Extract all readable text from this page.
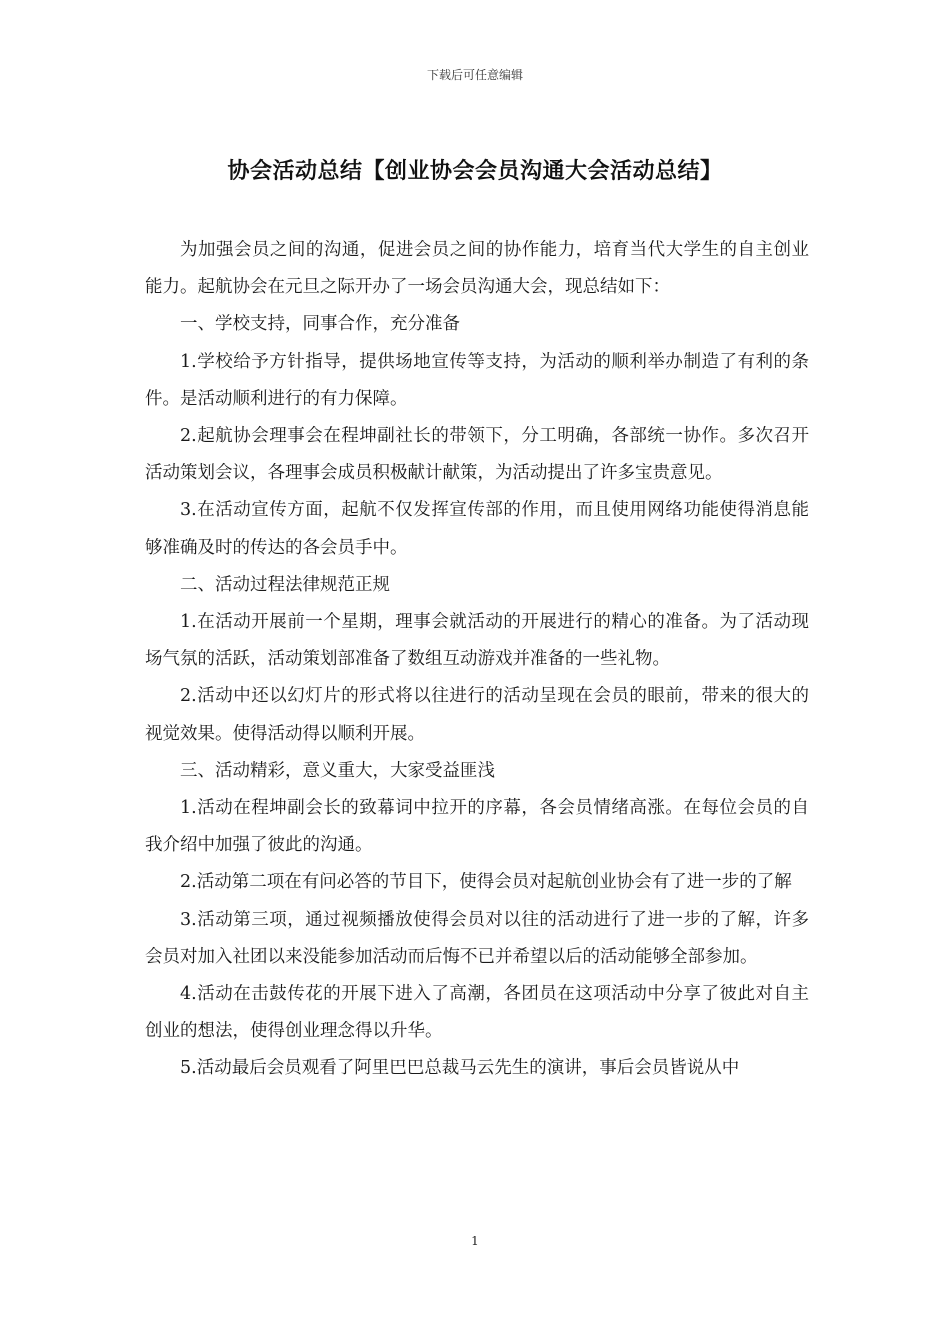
下载后可任意编辑
协会活动总结【创业协会会员沟通大会活动总结】

为加强会员之间的沟通，促进会员之间的协作能力，培育当代大学生的自主创业能力。起航协会在元旦之际开办了一场会员沟通大会，现总结如下：

一、学校支持，同事合作，充分准备

1.学校给予方针指导，提供场地宣传等支持，为活动的顺利举办制造了有利的条件。是活动顺利进行的有力保障。

2.起航协会理事会在程坤副社长的带领下，分工明确，各部统一协作。多次召开活动策划会议，各理事会成员积极献计献策，为活动提出了许多宝贵意见。

3.在活动宣传方面，起航不仅发挥宣传部的作用，而且使用网络功能使得消息能够准确及时的传达的各会员手中。

二、活动过程法律规范正规

1.在活动开展前一个星期，理事会就活动的开展进行的精心的准备。为了活动现场气氛的活跃，活动策划部准备了数组互动游戏并准备的一些礼物。

2.活动中还以幻灯片的形式将以往进行的活动呈现在会员的眼前，带来的很大的视觉效果。使得活动得以顺利开展。

三、活动精彩，意义重大，大家受益匪浅

1.活动在程坤副会长的致幕词中拉开的序幕，各会员情绪高涨。在每位会员的自我介绍中加强了彼此的沟通。

2.活动第二项在有问必答的节目下，使得会员对起航创业协会有了进一步的了解

3.活动第三项，通过视频播放使得会员对以往的活动进行了进一步的了解，许多会员对加入社团以来没能参加活动而后悔不已并希望以后的活动能够全部参加。

4.活动在击鼓传花的开展下进入了高潮，各团员在这项活动中分享了彼此对自主创业的想法，使得创业理念得以升华。

5.活动最后会员观看了阿里巴巴总裁马云先生的演讲，事后会员皆说从中

1
